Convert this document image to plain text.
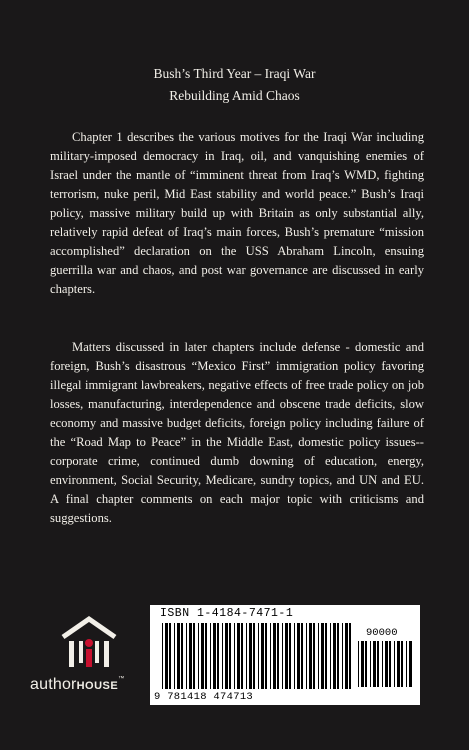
Bush’s Third Year – Iraqi War
Rebuilding Amid Chaos

Chapter 1 describes the various motives for the Iraqi War including military-imposed democracy in Iraq, oil, and vanquishing enemies of Israel under the mantle of “imminent threat from Iraq’s WMD, fighting terrorism, nuke peril, Mid East stability and world peace.” Bush’s Iraqi policy, massive military build up with Britain as only substantial ally, relatively rapid defeat of Iraq’s main forces, Bush’s premature “mission accomplished” declaration on the USS Abraham Lincoln, ensuing guerrilla war and chaos, and post war governance are discussed in early chapters.

Matters discussed in later chapters include defense - domestic and foreign, Bush’s disastrous “Mexico First” immigration policy favoring illegal immigrant lawbreakers, negative effects of free trade policy on job losses, manufacturing, interdependence and obscene trade deficits, slow economy and massive budget deficits, foreign policy including failure of the “Road Map to Peace” in the Middle East, domestic policy issues--corporate crime, continued dumb downing of education, energy, environment, Social Security, Medicare, sundry topics, and UN and EU. A final chapter comments on each major topic with criticisms and suggestions.

authorHOUSE™
ISBN 1-4184-7471-1
90000
9 781418 474713
